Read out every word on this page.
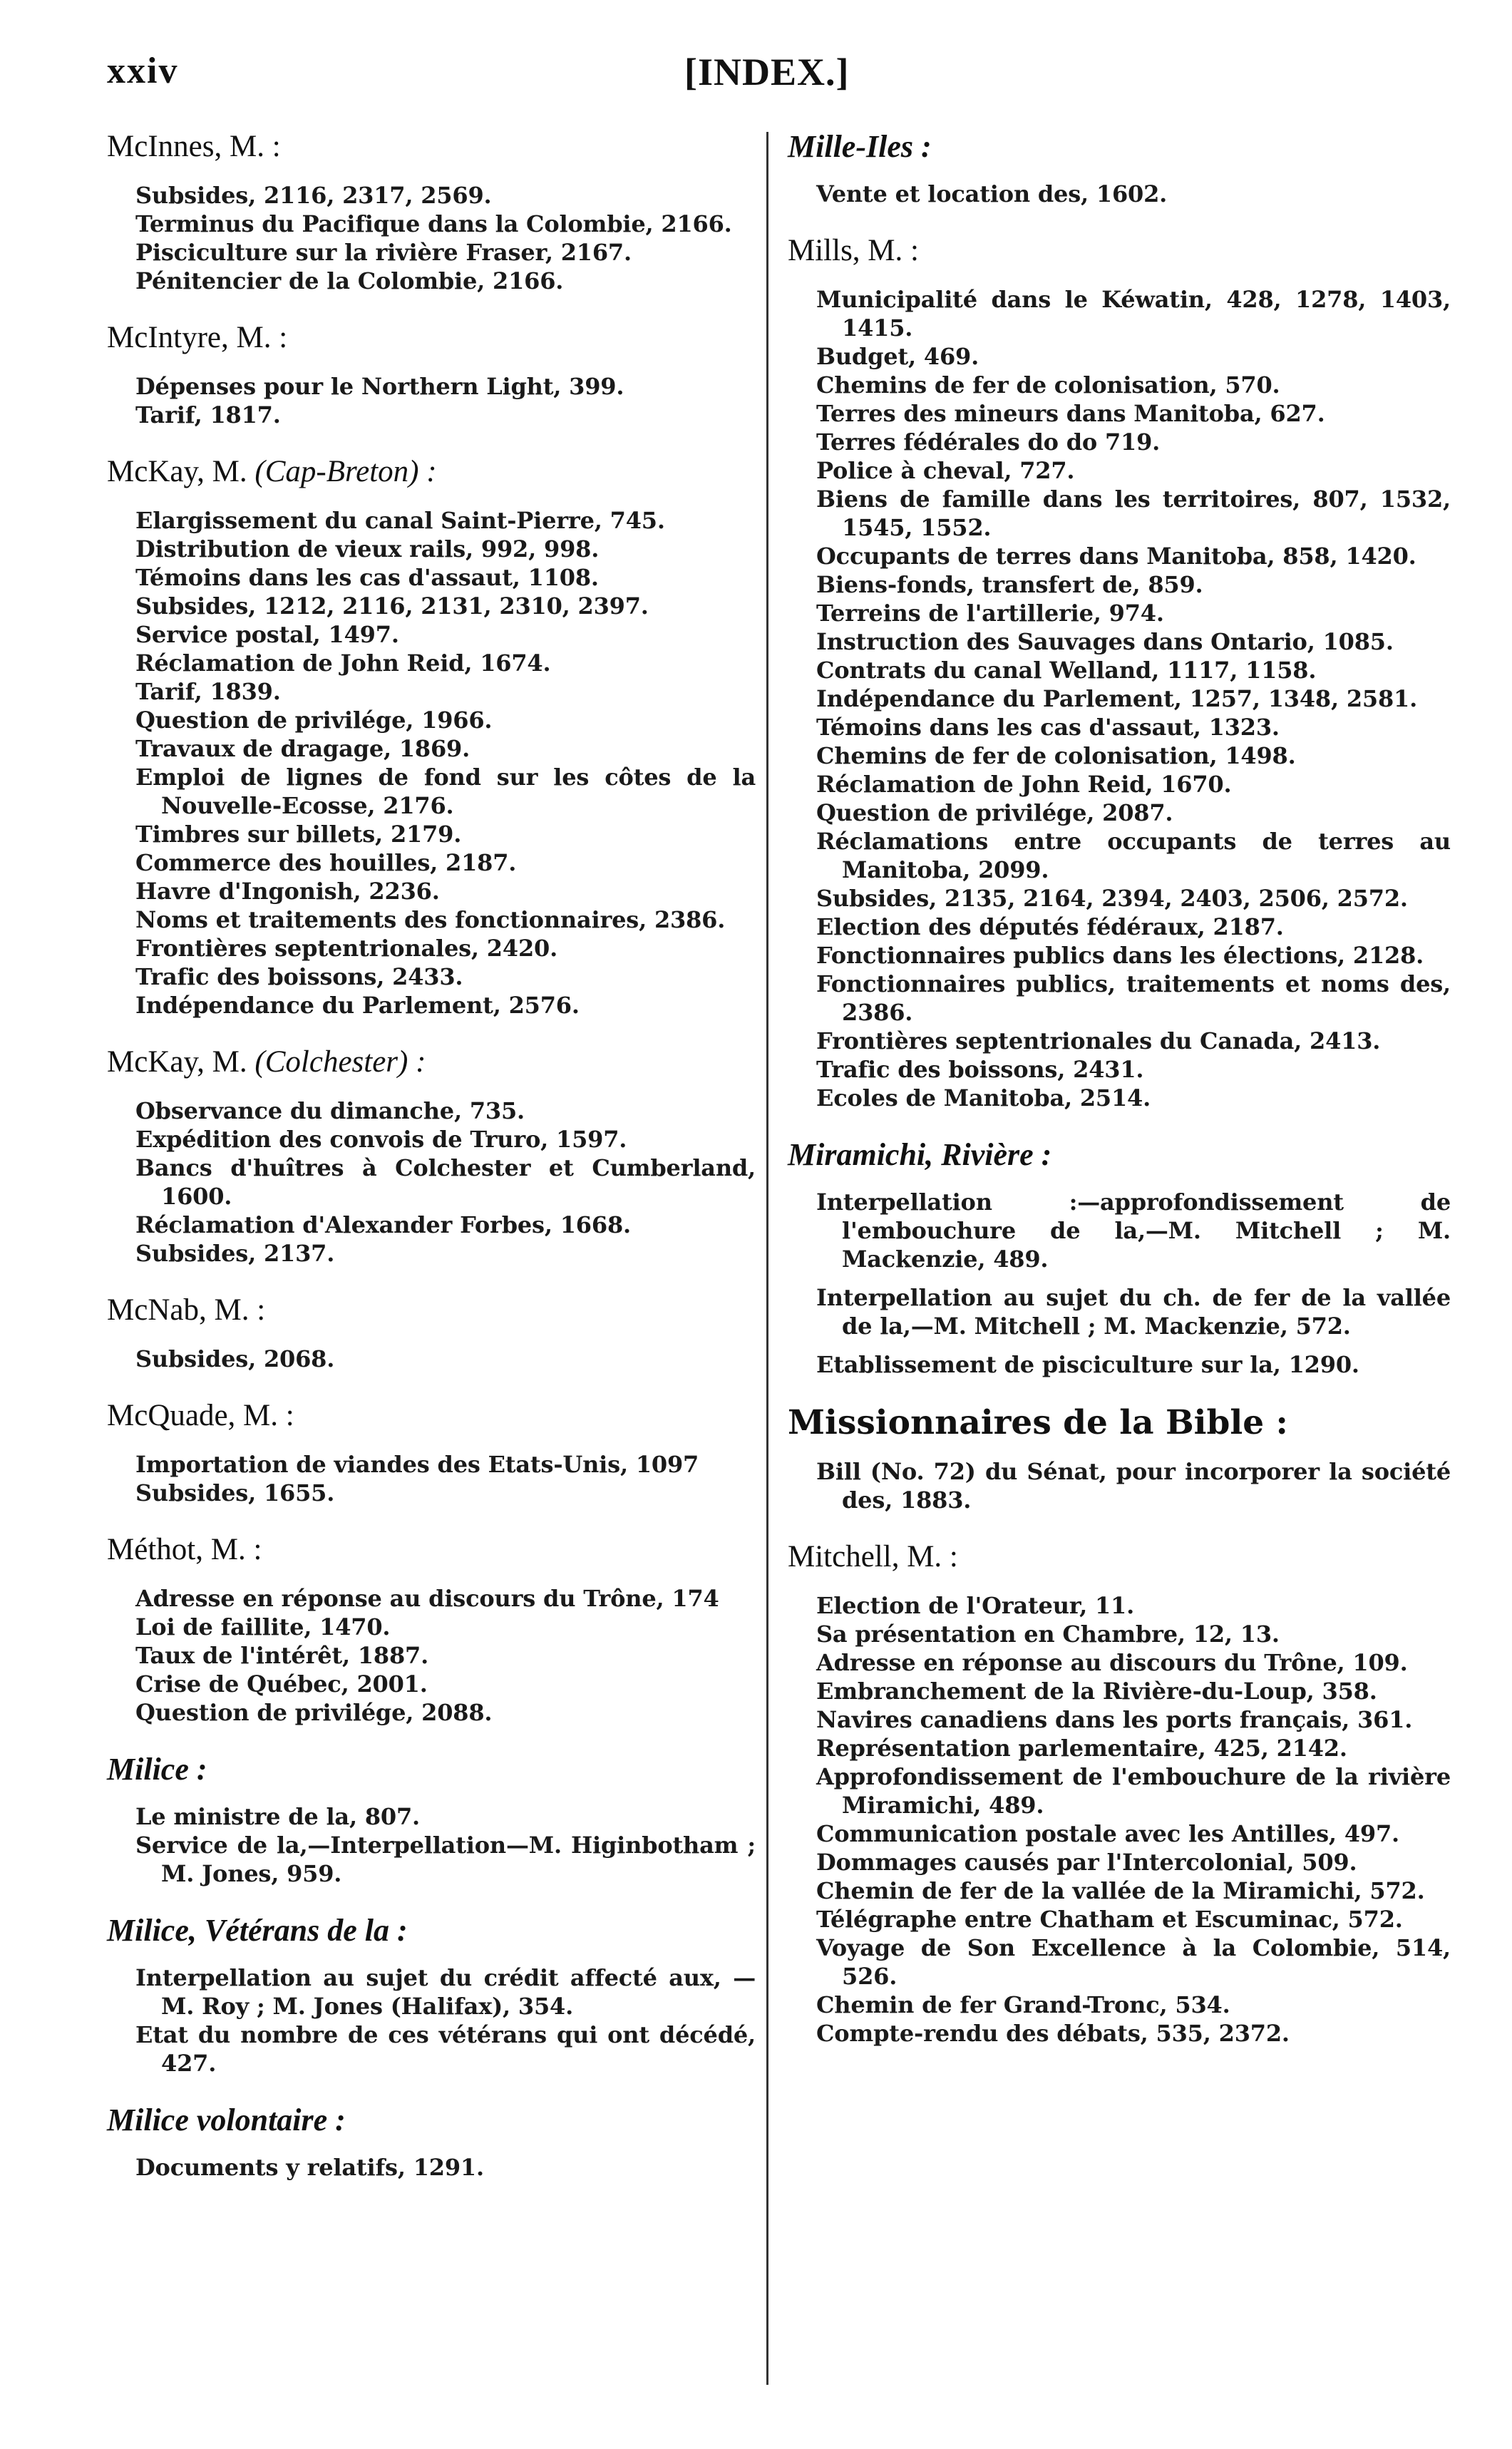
xxiv	[INDEX.]
McInnes, M. :
Subsides, 2116, 2317, 2569.
Terminus du Pacifique dans la Colombie, 2166.
Pisciculture sur la rivière Fraser, 2167.
Pénitencier de la Colombie, 2166.
McIntyre, M. :
Dépenses pour le Northern Light, 399.
Tarif, 1817.
McKay, M. (Cap-Breton) :
Elargissement du canal Saint-Pierre, 745.
Distribution de vieux rails, 992, 998.
Témoins dans les cas d'assaut, 1108.
Subsides, 1212, 2116, 2131, 2310, 2397.
Service postal, 1497.
Réclamation de John Reid, 1674.
Tarif, 1839.
Question de privilége, 1966.
Travaux de dragage, 1869.
Emploi de lignes de fond sur les côtes de la Nouvelle-Ecosse, 2176.
Timbres sur billets, 2179.
Commerce des houilles, 2187.
Havre d'Ingonish, 2236.
Noms et traitements des fonctionnaires, 2386.
Frontières septentrionales, 2420.
Trafic des boissons, 2433.
Indépendance du Parlement, 2576.
McKay, M. (Colchester) :
Observance du dimanche, 735.
Expédition des convois de Truro, 1597.
Bancs d'huîtres à Colchester et Cumberland, 1600.
Réclamation d'Alexander Forbes, 1668.
Subsides, 2137.
McNab, M. :
Subsides, 2068.
McQuade, M. :
Importation de viandes des Etats-Unis, 1097
Subsides, 1655.
Méthot, M. :
Adresse en réponse au discours du Trône, 174
Loi de faillite, 1470.
Taux de l'intérêt, 1887.
Crise de Québec, 2001.
Question de privilége, 2088.
Milice :
Le ministre de la, 807.
Service de la,—Interpellation—M. Higinbotham ; M. Jones, 959.
Milice, Vétérans de la :
Interpellation au sujet du crédit affecté aux, —M. Roy ; M. Jones (Halifax), 354.
Etat du nombre de ces vétérans qui ont décédé, 427.
Milice volontaire :
Documents y relatifs, 1291.
Mille-Iles :
Vente et location des, 1602.
Mills, M. :
Municipalité dans le Kéwatin, 428, 1278, 1403, 1415.
Budget, 469.
Chemins de fer de colonisation, 570.
Terres des mineurs dans Manitoba, 627.
Terres fédérales do do 719.
Police à cheval, 727.
Biens de famille dans les territoires, 807, 1532, 1545, 1552.
Occupants de terres dans Manitoba, 858, 1420.
Biens-fonds, transfert de, 859.
Terreins de l'artillerie, 974.
Instruction des Sauvages dans Ontario, 1085.
Contrats du canal Welland, 1117, 1158.
Indépendance du Parlement, 1257, 1348, 2581.
Témoins dans les cas d'assaut, 1323.
Chemins de fer de colonisation, 1498.
Réclamation de John Reid, 1670.
Question de privilége, 2087.
Réclamations entre occupants de terres au Manitoba, 2099.
Subsides, 2135, 2164, 2394, 2403, 2506, 2572.
Election des députés fédéraux, 2187.
Fonctionnaires publics dans les élections, 2128.
Fonctionnaires publics, traitements et noms des, 2386.
Frontières septentrionales du Canada, 2413.
Trafic des boissons, 2431.
Ecoles de Manitoba, 2514.
Miramichi, Rivière :
Interpellation :—approfondissement de l'embouchure de la,—M. Mitchell ; M. Mackenzie, 489.
Interpellation au sujet du ch. de fer de la vallée de la,—M. Mitchell ; M. Mackenzie, 572.
Etablissement de pisciculture sur la, 1290.
Missionnaires de la Bible :
Bill (No. 72) du Sénat, pour incorporer la société des, 1883.
Mitchell, M. :
Election de l'Orateur, 11.
Sa présentation en Chambre, 12, 13.
Adresse en réponse au discours du Trône, 109.
Embranchement de la Rivière-du-Loup, 358.
Navires canadiens dans les ports français, 361.
Représentation parlementaire, 425, 2142.
Approfondissement de l'embouchure de la rivière Miramichi, 489.
Communication postale avec les Antilles, 497.
Dommages causés par l'Intercolonial, 509.
Chemin de fer de la vallée de la Miramichi, 572.
Télégraphe entre Chatham et Escuminac, 572.
Voyage de Son Excellence à la Colombie, 514, 526.
Chemin de fer Grand-Tronc, 534.
Compte-rendu des débats, 535, 2372.
